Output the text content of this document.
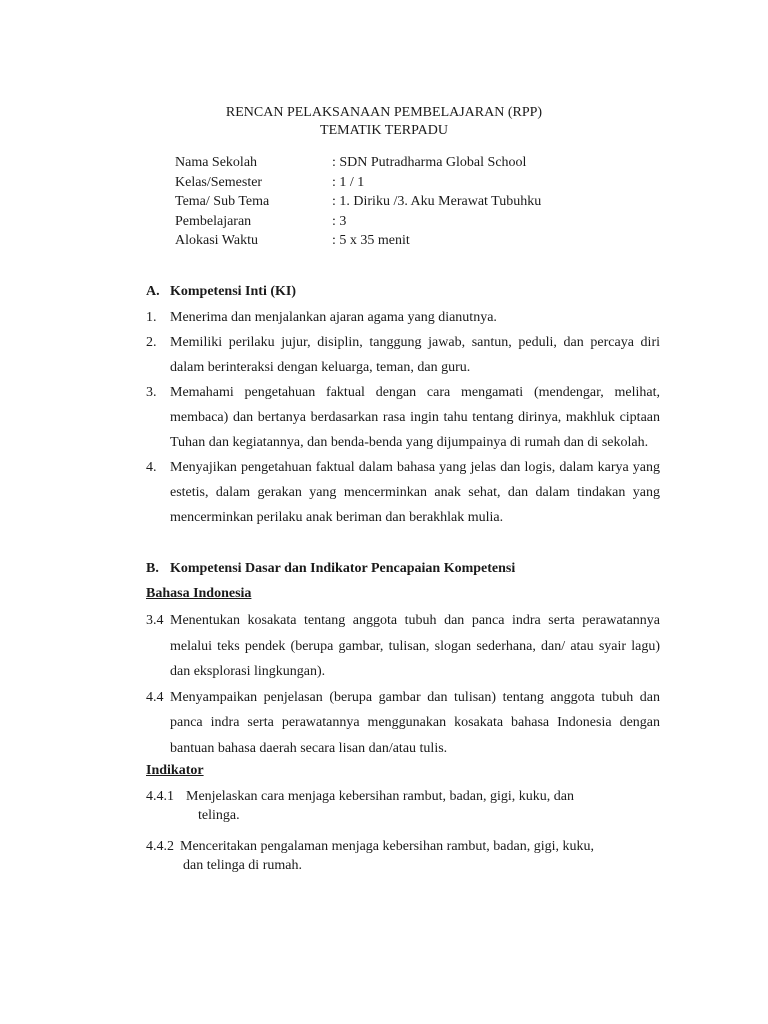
RENCAN PELAKSANAAN PEMBELAJARAN (RPP)
TEMATIK TERPADU
Nama Sekolah	: SDN Putradharma Global School
Kelas/Semester	: 1 / 1
Tema/ Sub Tema	: 1. Diriku /3. Aku Merawat Tubuhku
Pembelajaran	: 3
Alokasi Waktu	: 5 x 35 menit
A. Kompetensi Inti (KI)
1. Menerima dan menjalankan ajaran agama yang dianutnya.
2. Memiliki perilaku jujur, disiplin, tanggung jawab, santun, peduli, dan percaya diri dalam berinteraksi dengan keluarga, teman, dan guru.
3. Memahami pengetahuan faktual dengan cara mengamati (mendengar, melihat, membaca) dan bertanya berdasarkan rasa ingin tahu tentang dirinya, makhluk ciptaan Tuhan dan kegiatannya, dan benda-benda yang dijumpainya di rumah dan di sekolah.
4. Menyajikan pengetahuan faktual dalam bahasa yang jelas dan logis, dalam karya yang estetis, dalam gerakan yang mencerminkan anak sehat, dan dalam tindakan yang mencerminkan perilaku anak beriman dan berakhlak mulia.
B. Kompetensi Dasar dan Indikator Pencapaian Kompetensi
Bahasa Indonesia
3.4 Menentukan kosakata tentang anggota tubuh dan panca indra serta perawatannya melalui teks pendek (berupa gambar, tulisan, slogan sederhana, dan/ atau syair lagu) dan eksplorasi lingkungan).
4.4 Menyampaikan penjelasan (berupa gambar dan tulisan) tentang anggota tubuh dan panca indra serta perawatannya menggunakan kosakata bahasa Indonesia dengan bantuan bahasa daerah secara lisan dan/atau tulis.
Indikator
4.4.1 Menjelaskan cara menjaga kebersihan rambut, badan, gigi, kuku, dan
telinga.
4.4.2 Menceritakan pengalaman menjaga kebersihan rambut, badan, gigi, kuku,
dan telinga di rumah.
